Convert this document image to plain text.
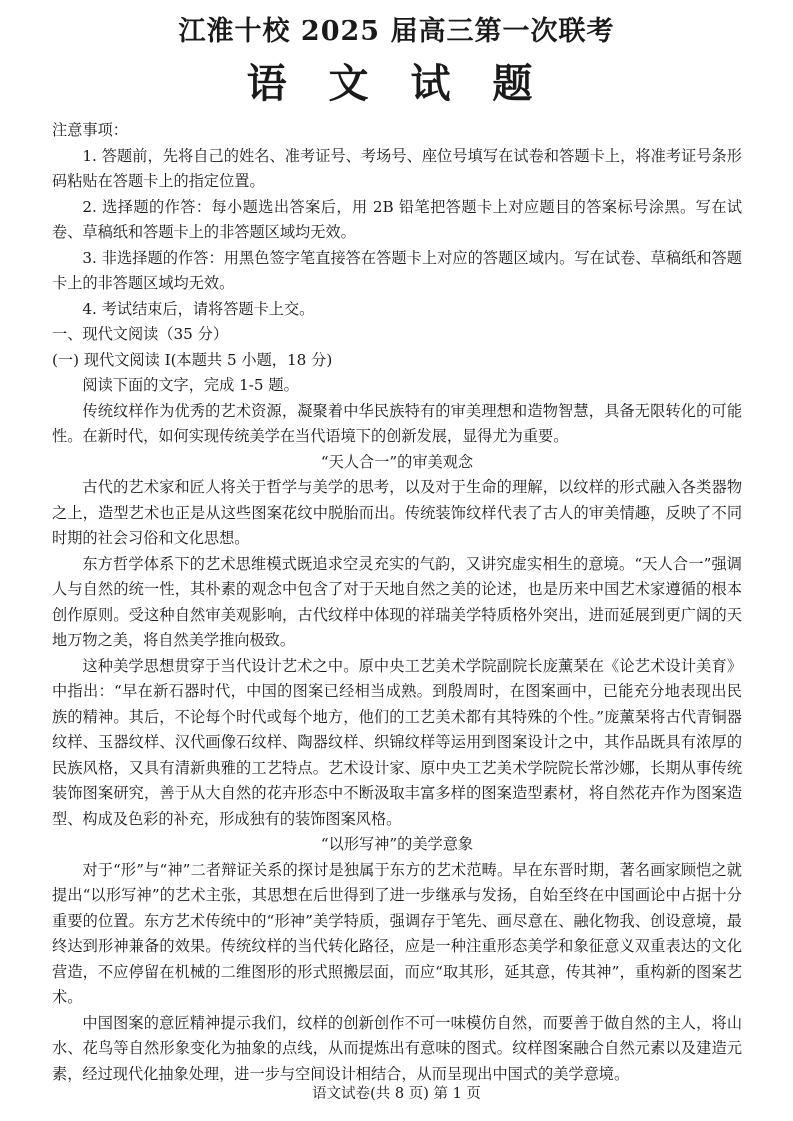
江淮十校 2025 届高三第一次联考
语 文 试 题

注意事项：

1. 答题前，先将自己的姓名、准考证号、考场号、座位号填写在试卷和答题卡上，将准考证号条形码粘贴在答题卡上的指定位置。

2. 选择题的作答：每小题选出答案后，用 2B 铅笔把答题卡上对应题目的答案标号涂黑。写在试卷、草稿纸和答题卡上的非答题区域均无效。

3. 非选择题的作答：用黑色签字笔直接答在答题卡上对应的答题区域内。写在试卷、草稿纸和答题卡上的非答题区域均无效。

4. 考试结束后，请将答题卡上交。

一、现代文阅读（35 分）

(一) 现代文阅读 I(本题共 5 小题，18 分)

阅读下面的文字，完成 1-5 题。

传统纹样作为优秀的艺术资源，凝聚着中华民族特有的审美理想和造物智慧，具备无限转化的可能性。在新时代，如何实现传统美学在当代语境下的创新发展，显得尤为重要。

“天人合一”的审美观念

古代的艺术家和匠人将关于哲学与美学的思考，以及对于生命的理解，以纹样的形式融入各类器物之上，造型艺术也正是从这些图案花纹中脱胎而出。传统装饰纹样代表了古人的审美情趣，反映了不同时期的社会习俗和文化思想。

东方哲学体系下的艺术思维模式既追求空灵充实的气韵，又讲究虚实相生的意境。“天人合一”强调人与自然的统一性，其朴素的观念中包含了对于天地自然之美的论述，也是历来中国艺术家遵循的根本创作原则。受这种自然审美观影响，古代纹样中体现的祥瑞美学特质格外突出，进而延展到更广阔的天地万物之美，将自然美学推向极致。

这种美学思想贯穿于当代设计艺术之中。原中央工艺美术学院副院长庞薰琹在《论艺术设计美育》中指出：“早在新石器时代，中国的图案已经相当成熟。到殷周时，在图案画中，已能充分地表现出民族的精神。其后，不论每个时代或每个地方，他们的工艺美术都有其特殊的个性。”庞薰琹将古代青铜器纹样、玉器纹样、汉代画像石纹样、陶器纹样、织锦纹样等运用到图案设计之中，其作品既具有浓厚的民族风格，又具有清新典雅的工艺特点。艺术设计家、原中央工艺美术学院院长常沙娜，长期从事传统装饰图案研究，善于从大自然的花卉形态中不断汲取丰富多样的图案造型素材，将自然花卉作为图案造型、构成及色彩的补充，形成独有的装饰图案风格。

“以形写神”的美学意象

对于“形”与“神”二者辩证关系的探讨是独属于东方的艺术范畴。早在东晋时期，著名画家顾恺之就提出“以形写神”的艺术主张，其思想在后世得到了进一步继承与发扬，自始至终在中国画论中占据十分重要的位置。东方艺术传统中的“形神”美学特质，强调存于笔先、画尽意在、融化物我、创设意境，最终达到形神兼备的效果。传统纹样的当代转化路径，应是一种注重形态美学和象征意义双重表达的文化营造，不应停留在机械的二维图形的形式照搬层面，而应“取其形，延其意，传其神”，重构新的图案艺术。

中国图案的意匠精神提示我们，纹样的创新创作不可一味模仿自然，而要善于做自然的主人，将山水、花鸟等自然形象变化为抽象的点线，从而提炼出有意味的图式。纹样图案融合自然元素以及建造元素，经过现代化抽象处理，进一步与空间设计相结合，从而呈现出中国式的美学意境。

语文试卷(共 8 页) 第 1 页
